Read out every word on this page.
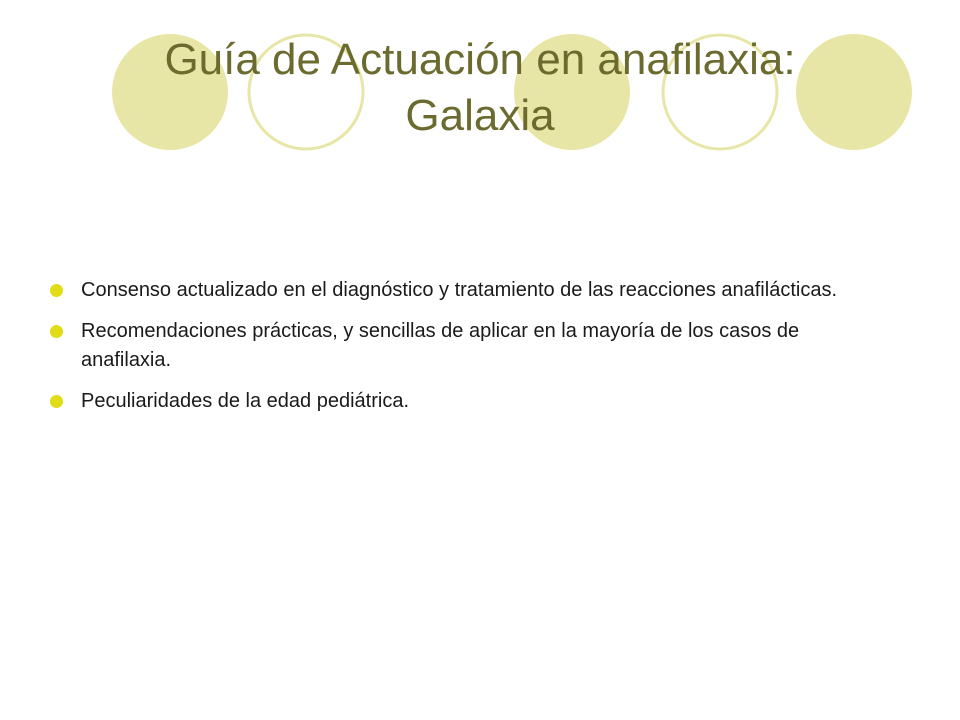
Guía de Actuación en anafilaxia:
Galaxia
Consenso actualizado en el diagnóstico y tratamiento de las reacciones anafilácticas.
Recomendaciones prácticas, y sencillas de aplicar en la mayoría de los casos de anafilaxia.
Peculiaridades de la edad pediátrica.
